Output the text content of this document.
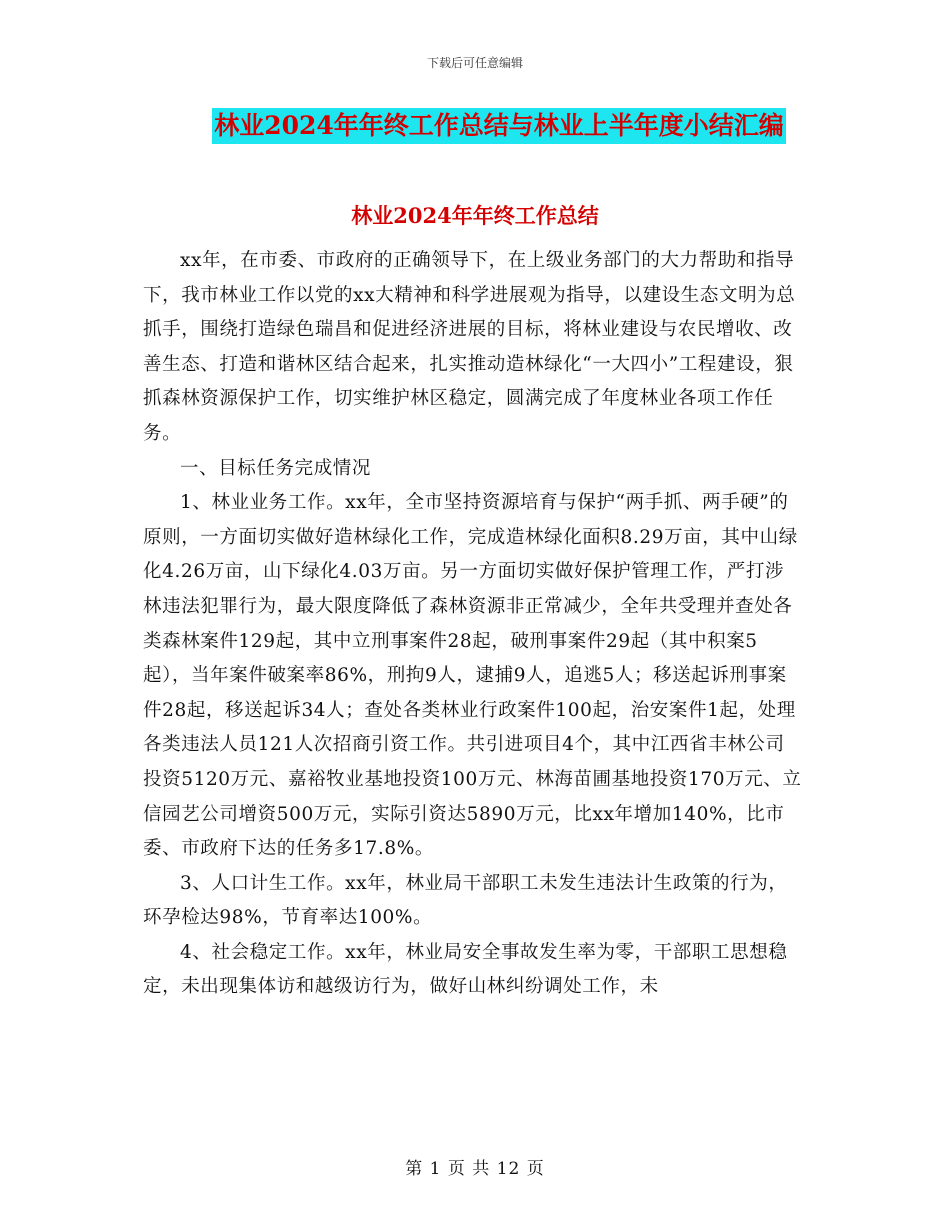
下载后可任意编辑
林业2024年年终工作总结与林业上半年度小结汇编
林业2024年年终工作总结

xx年，在市委、市政府的正确领导下，在上级业务部门的大力帮助和指导下，我市林业工作以党的xx大精神和科学进展观为指导，以建设生态文明为总抓手，围绕打造绿色瑞昌和促进经济进展的目标，将林业建设与农民增收、改善生态、打造和谐林区结合起来，扎实推动造林绿化“一大四小”工程建设，狠抓森林资源保护工作，切实维护林区稳定，圆满完成了年度林业各项工作任务。

一、目标任务完成情况

1、林业业务工作。xx年，全市坚持资源培育与保护“两手抓、两手硬”的原则，一方面切实做好造林绿化工作，完成造林绿化面积8.29万亩，其中山绿化4.26万亩，山下绿化4.03万亩。另一方面切实做好保护管理工作，严打涉林违法犯罪行为，最大限度降低了森林资源非正常减少，全年共受理并查处各类森林案件129起，其中立刑事案件28起，破刑事案件29起（其中积案5起），当年案件破案率86%，刑拘9人，逮捕9人，追逃5人；移送起诉刑事案件28起，移送起诉34人；查处各类林业行政案件100起，治安案件1起，处理各类违法人员121人次招商引资工作。共引进项目4个，其中江西省丰林公司投资5120万元、嘉裕牧业基地投资100万元、林海苗圃基地投资170万元、立信园艺公司增资500万元，实际引资达5890万元，比xx年增加140%，比市委、市政府下达的任务多17.8%。

3、人口计生工作。xx年，林业局干部职工未发生违法计生政策的行为，环孕检达98%，节育率达100%。

4、社会稳定工作。xx年，林业局安全事故发生率为零，干部职工思想稳定，未出现集体访和越级访行为，做好山林纠纷调处工作，未

第 1 页 共 12 页
